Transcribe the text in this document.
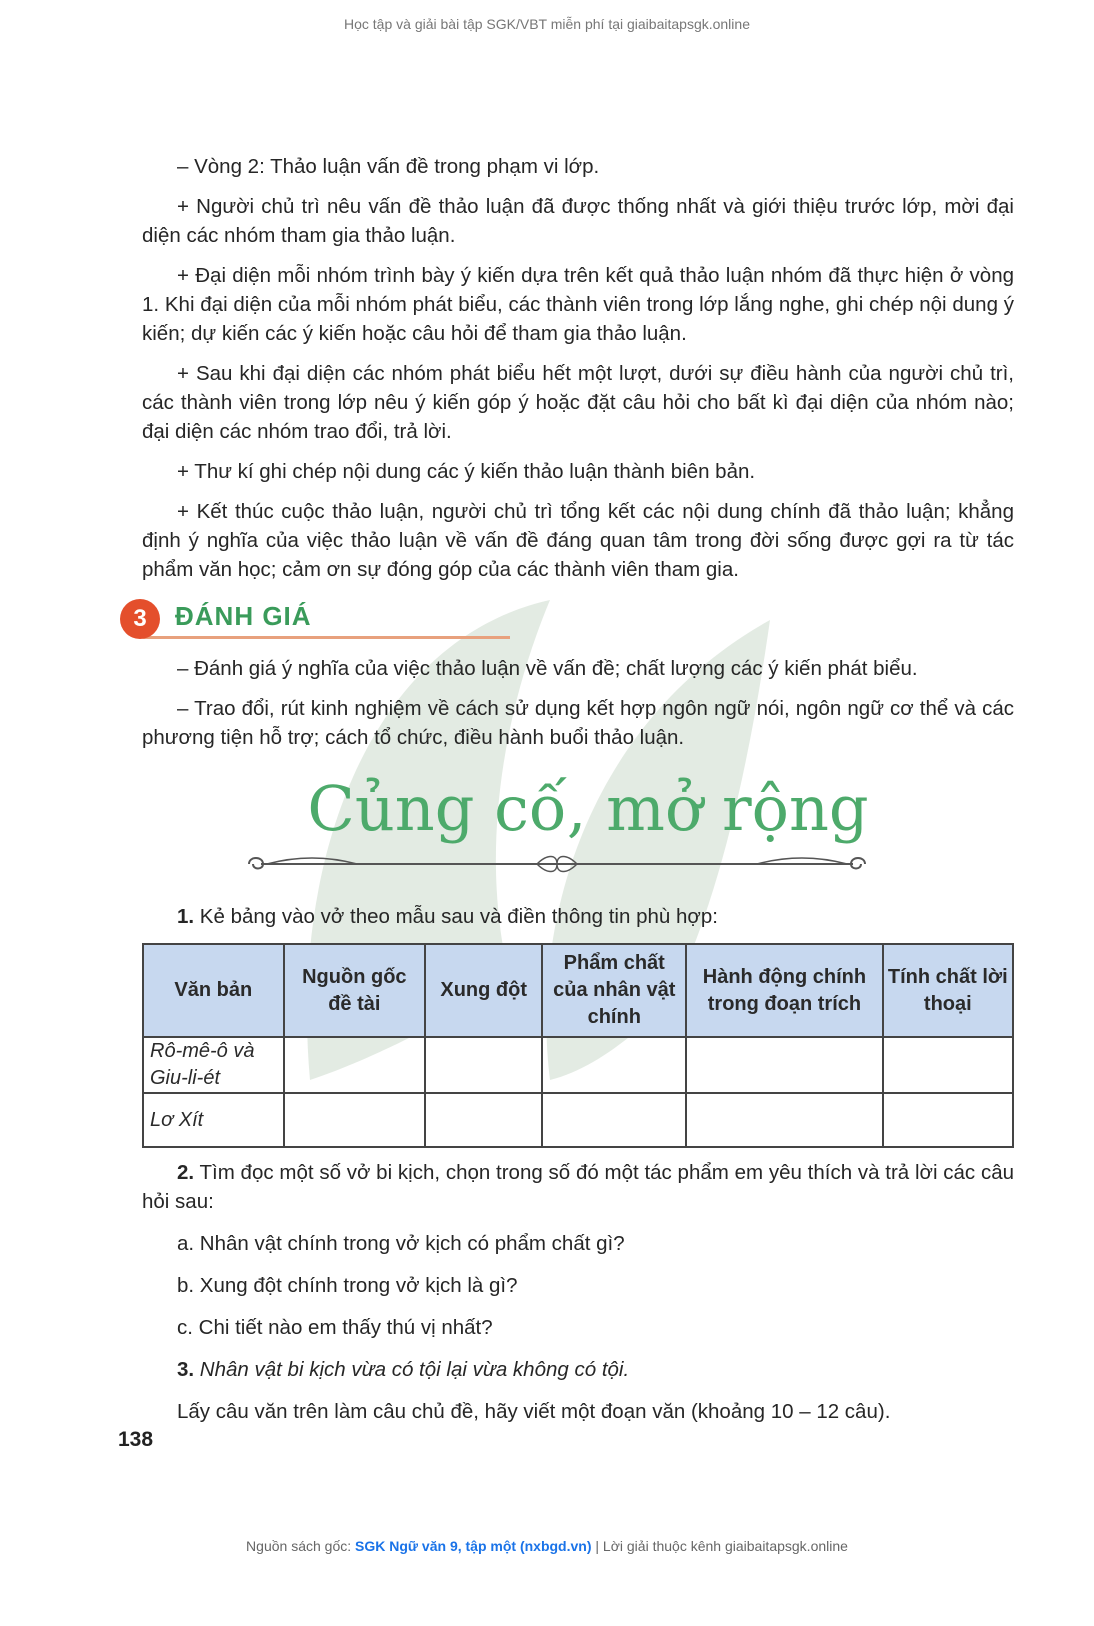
Học tập và giải bài tập SGK/VBT miễn phí tại giaibaitapsgk.online

– Vòng 2: Thảo luận vấn đề trong phạm vi lớp.

+ Người chủ trì nêu vấn đề thảo luận đã được thống nhất và giới thiệu trước lớp, mời đại diện các nhóm tham gia thảo luận.

+ Đại diện mỗi nhóm trình bày ý kiến dựa trên kết quả thảo luận nhóm đã thực hiện ở vòng 1. Khi đại diện của mỗi nhóm phát biểu, các thành viên trong lớp lắng nghe, ghi chép nội dung ý kiến; dự kiến các ý kiến hoặc câu hỏi để tham gia thảo luận.

+ Sau khi đại diện các nhóm phát biểu hết một lượt, dưới sự điều hành của người chủ trì, các thành viên trong lớp nêu ý kiến góp ý hoặc đặt câu hỏi cho bất kì đại diện của nhóm nào; đại diện các nhóm trao đổi, trả lời.

+ Thư kí ghi chép nội dung các ý kiến thảo luận thành biên bản.

+ Kết thúc cuộc thảo luận, người chủ trì tổng kết các nội dung chính đã thảo luận; khẳng định ý nghĩa của việc thảo luận về vấn đề đáng quan tâm trong đời sống được gợi ra từ tác phẩm văn học; cảm ơn sự đóng góp của các thành viên tham gia.

3	ĐÁNH GIÁ

– Đánh giá ý nghĩa của việc thảo luận về vấn đề; chất lượng các ý kiến phát biểu.

– Trao đổi, rút kinh nghiệm về cách sử dụng kết hợp ngôn ngữ nói, ngôn ngữ cơ thể và các phương tiện hỗ trợ; cách tổ chức, điều hành buổi thảo luận.

Củng cố, mở rộng

1. Kẻ bảng vào vở theo mẫu sau và điền thông tin phù hợp:

Văn bản	Nguồn gốc đề tài	Xung đột	Phẩm chất của nhân vật chính	Hành động chính trong đoạn trích	Tính chất lời thoại
Rô-mê-ô và Giu-li-ét					
Lơ Xít					

2. Tìm đọc một số vở bi kịch, chọn trong số đó một tác phẩm em yêu thích và trả lời các câu hỏi sau:

a. Nhân vật chính trong vở kịch có phẩm chất gì?

b. Xung đột chính trong vở kịch là gì?

c. Chi tiết nào em thấy thú vị nhất?

3. Nhân vật bi kịch vừa có tội lại vừa không có tội.

Lấy câu văn trên làm câu chủ đề, hãy viết một đoạn văn (khoảng 10 – 12 câu).

138
Nguồn sách gốc: SGK Ngữ văn 9, tập một (nxbgd.vn) | Lời giải thuộc kênh giaibaitapsgk.online
